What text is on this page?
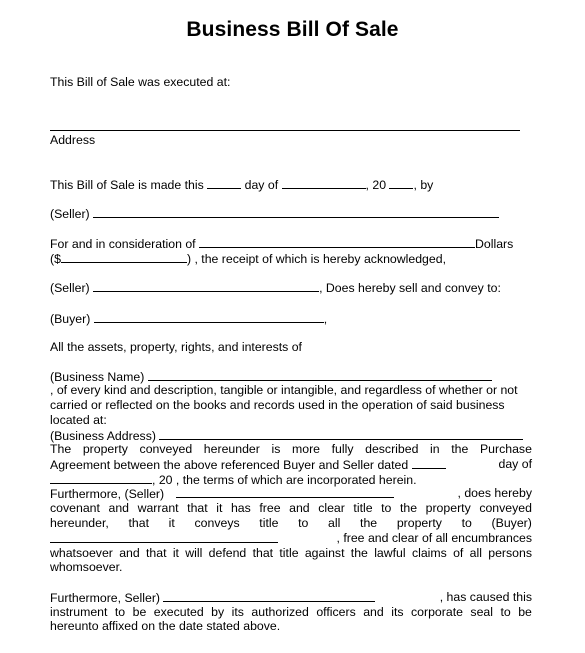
Business Bill Of Sale
This Bill of Sale was executed at:
Address
This Bill of Sale is made this	day of	, 20 , by
(Seller)
For and in consideration of	Dollars
($	) , the receipt of which is hereby acknowledged,
(Seller)	, Does hereby sell and convey to:
(Buyer)	,
All the assets, property, rights, and interests of
(Business Name)
, of every kind and description, tangible or intangible, and regardless of whether or not
carried or reflected on the books and records used in the operation of said business
located at:
(Business Address)
The property conveyed hereunder is more fully described in the Purchase
Agreement between the above referenced Buyer and Seller dated	day of
, 20 , the terms of which are incorporated herein.
Furthermore, (Seller)	, does hereby
covenant and warrant that it has free and clear title to the property conveyed
hereunder, that it conveys title to all the property to (Buyer)
, free and clear of all encumbrances
whatsoever and that it will defend that title against the lawful claims of all persons
whomsoever.
Furthermore, Seller)	, has caused this
instrument to be executed by its authorized officers and its corporate seal to be
hereunto affixed on the date stated above.
